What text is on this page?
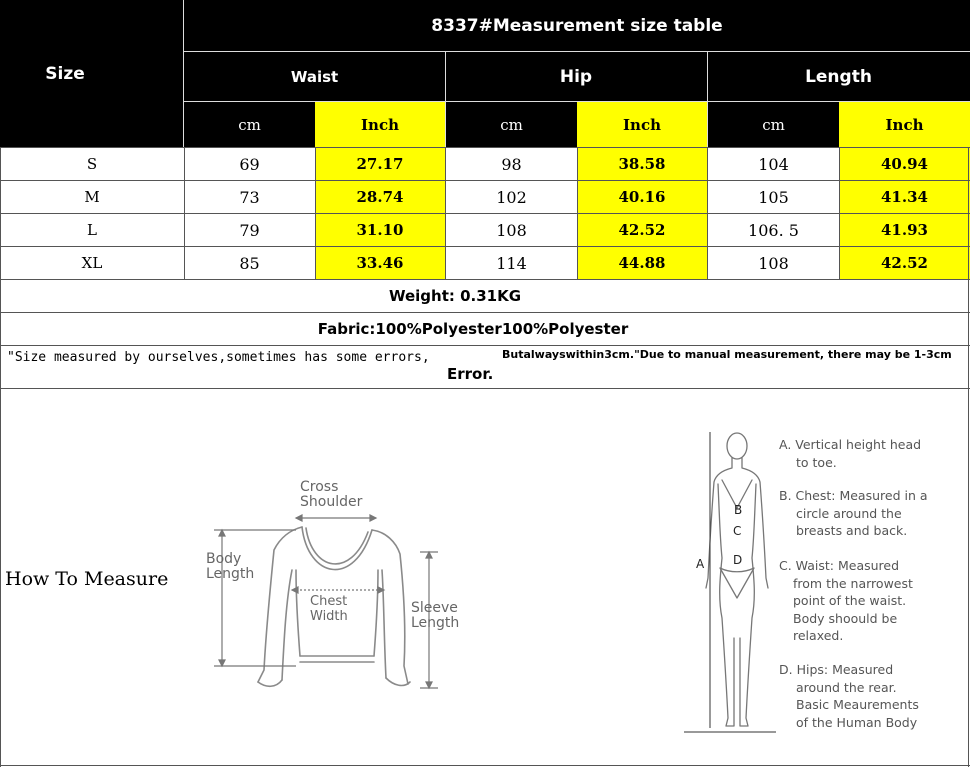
8337#Measurement size table
Size	Waist	Hip	Length
cm	Inch	cm	Inch	cm	Inch
S	69	27.17	98	38.58	104	40.94
M	73	28.74	102	40.16	105	41.34
L	79	31.10	108	42.52	106. 5	41.93
XL	85	33.46	114	44.88	108	42.52
Weight: 0.31KG
Fabric:100%Polyester100%Polyester
"Size measured by ourselves,sometimes has some errors,	Butalwayswithin3cm."Due to manual measurement, there may be 1-3cm
Error.
How To Measure
Cross
Shoulder
Body
Length
Chest
Width
Sleeve
Length
A
B
C
D
A. Vertical height head
to toe.
B. Chest: Measured in a
circle around the
breasts and back.
C. Waist: Measured
from the narrowest
point of the waist.
Body shoould be
relaxed.
D. Hips: Measured
around the rear.
Basic Meaurements
of the Human Body
